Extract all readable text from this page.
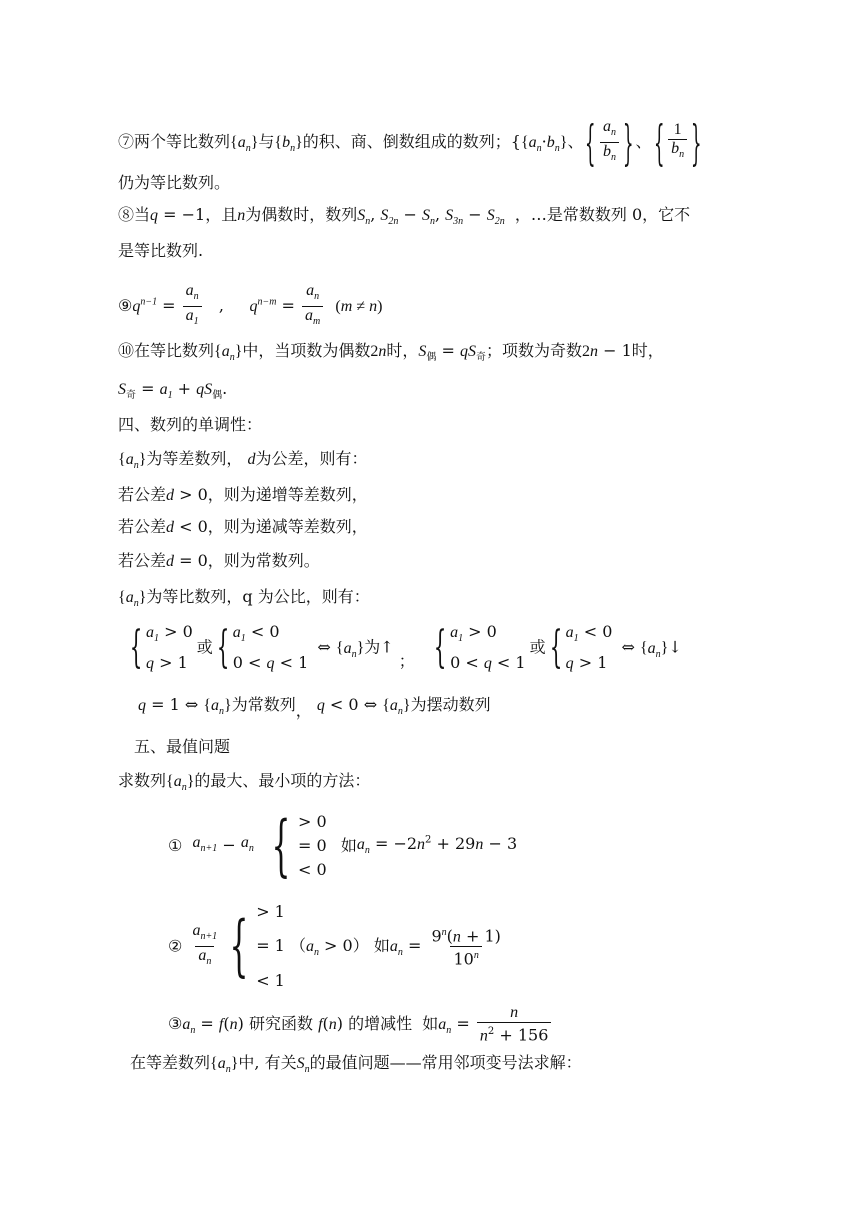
⑦两个等比数列$\{a_n\}$与$\{b_n\}$的积、商、倒数组成的数列；{$\{a_n\cdot b_n\}$、{ $\frac{a_n}{b_n}$ } 、{ $\frac{1}{b_n}$ }
仍为等比数列。
⑧当q = −1，且n为偶数时，数列$S_n$, $S_{2n} - S_n$, $S_{3n} - S_{2n}$ ，…是常数数列 0，它不
是等比数列.
$⑨q^{n-1} = \frac{a_n}{a_1}$ ,     $q^{n-m} = \frac{a_n}{a_m} (m \ne n)$
⑩在等比数列$\{a_n\}$中，当项数为偶数2n时，$S_偶 = qS_奇$；项数为奇数2n − 1时，
$S_奇 = a_1 + qS_偶$.
四、数列的单调性：
$\{a_n\}$为等差数列， d为公差，则有：
若公差d > 0，则为递增等差数列，
若公差d < 0，则为递减等差数列，
若公差d = 0，则为常数列。
$\{a_n\}$为等比数列，q 为公比，则有：
{ $a_1 > 0$
q > 1
或{ $a_1 < 0$
0 < q < 1
⇔ $\{a_n\}$为↑ ； { $a_1 > 0$
0 < q < 1
或{ $a_1 < 0$
q > 1
⇔ $\{a_n\}↓$
q = 1 ⇔ $\{a_n\}$为常数列， q < 0 ⇔ $\{a_n\}$为摆动数列
五、最值问题
求数列$\{a_n\}$的最大、最小项的方法：
① $a_{n+1} - a_n$ { > 0
= 0
< 0
如$a_n = -2n^2 + 29n - 3$
② $\frac{a_{n+1}}{a_n}$ { > 1
= 1 $(a_n > 0)$ 如$a_n = \frac{9^n(n + 1)}{10^n}$
< 1
$③a_n = f(n)$ 研究函数 f(n) 的增减性 如$a_n = \frac{n}{n^2 + 156}$
在等差数列$\{a_n\}$中, 有关$S_n$的最值问题——常用邻项变号法求解：
